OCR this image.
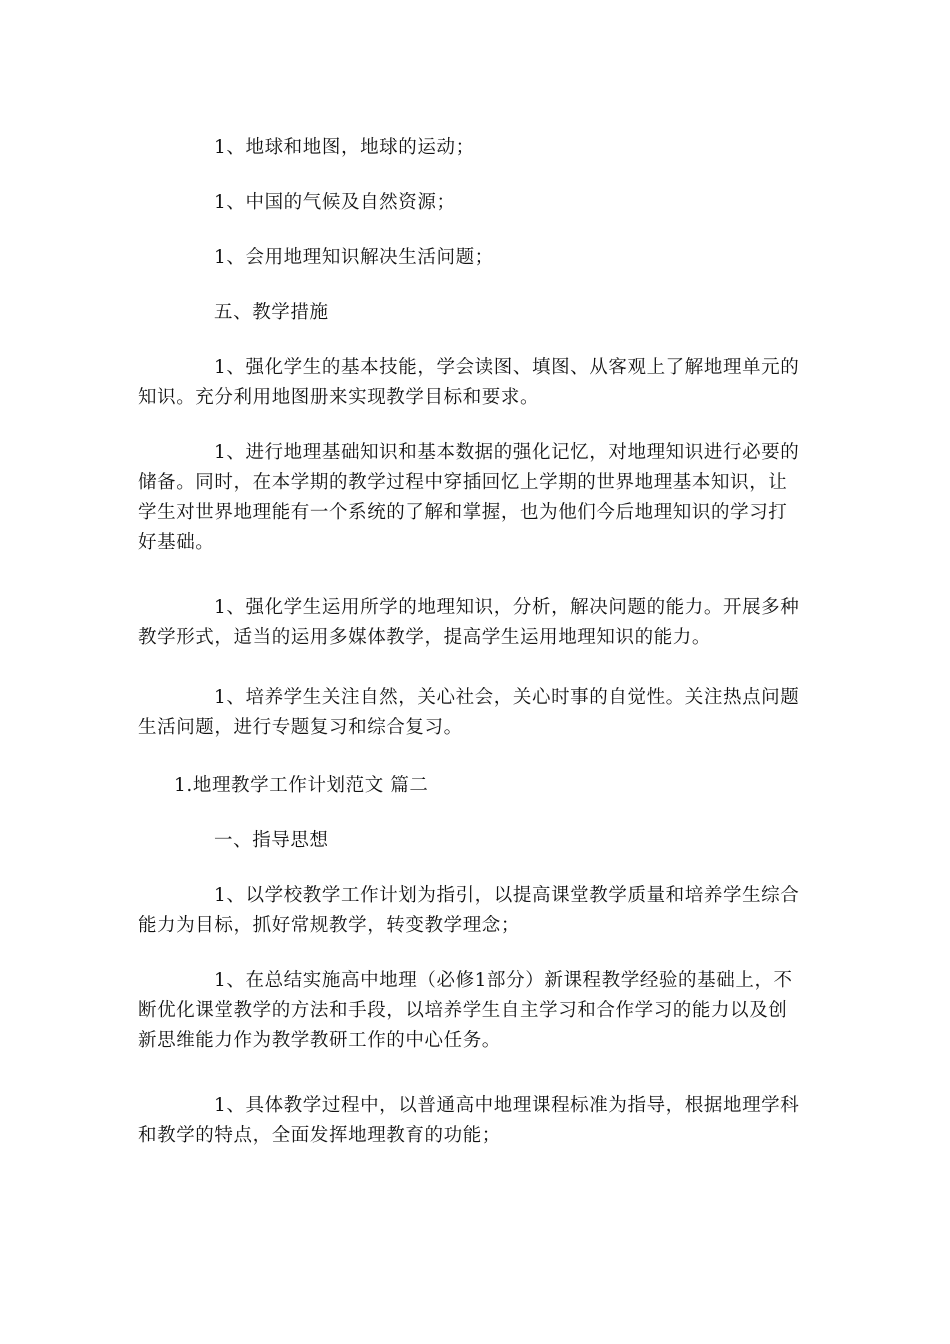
1、地球和地图，地球的运动；

1、中国的气候及自然资源；

1、会用地理知识解决生活问题；

五、教学措施

1、强化学生的基本技能，学会读图、填图、从客观上了解地理单元的知识。充分利用地图册来实现教学目标和要求。

1、进行地理基础知识和基本数据的强化记忆，对地理知识进行必要的储备。同时，在本学期的教学过程中穿插回忆上学期的世界地理基本知识，让学生对世界地理能有一个系统的了解和掌握，也为他们今后地理知识的学习打好基础。

1、强化学生运用所学的地理知识，分析，解决问题的能力。开展多种教学形式，适当的运用多媒体教学，提高学生运用地理知识的能力。

1、培养学生关注自然，关心社会，关心时事的自觉性。关注热点问题生活问题，进行专题复习和综合复习。

1.地理教学工作计划范文 篇二

一、指导思想

1、以学校教学工作计划为指引，以提高课堂教学质量和培养学生综合能力为目标，抓好常规教学，转变教学理念；

1、在总结实施高中地理（必修1部分）新课程教学经验的基础上，不断优化课堂教学的方法和手段，以培养学生自主学习和合作学习的能力以及创新思维能力作为教学教研工作的中心任务。

1、具体教学过程中，以普通高中地理课程标准为指导，根据地理学科和教学的特点，全面发挥地理教育的功能；
